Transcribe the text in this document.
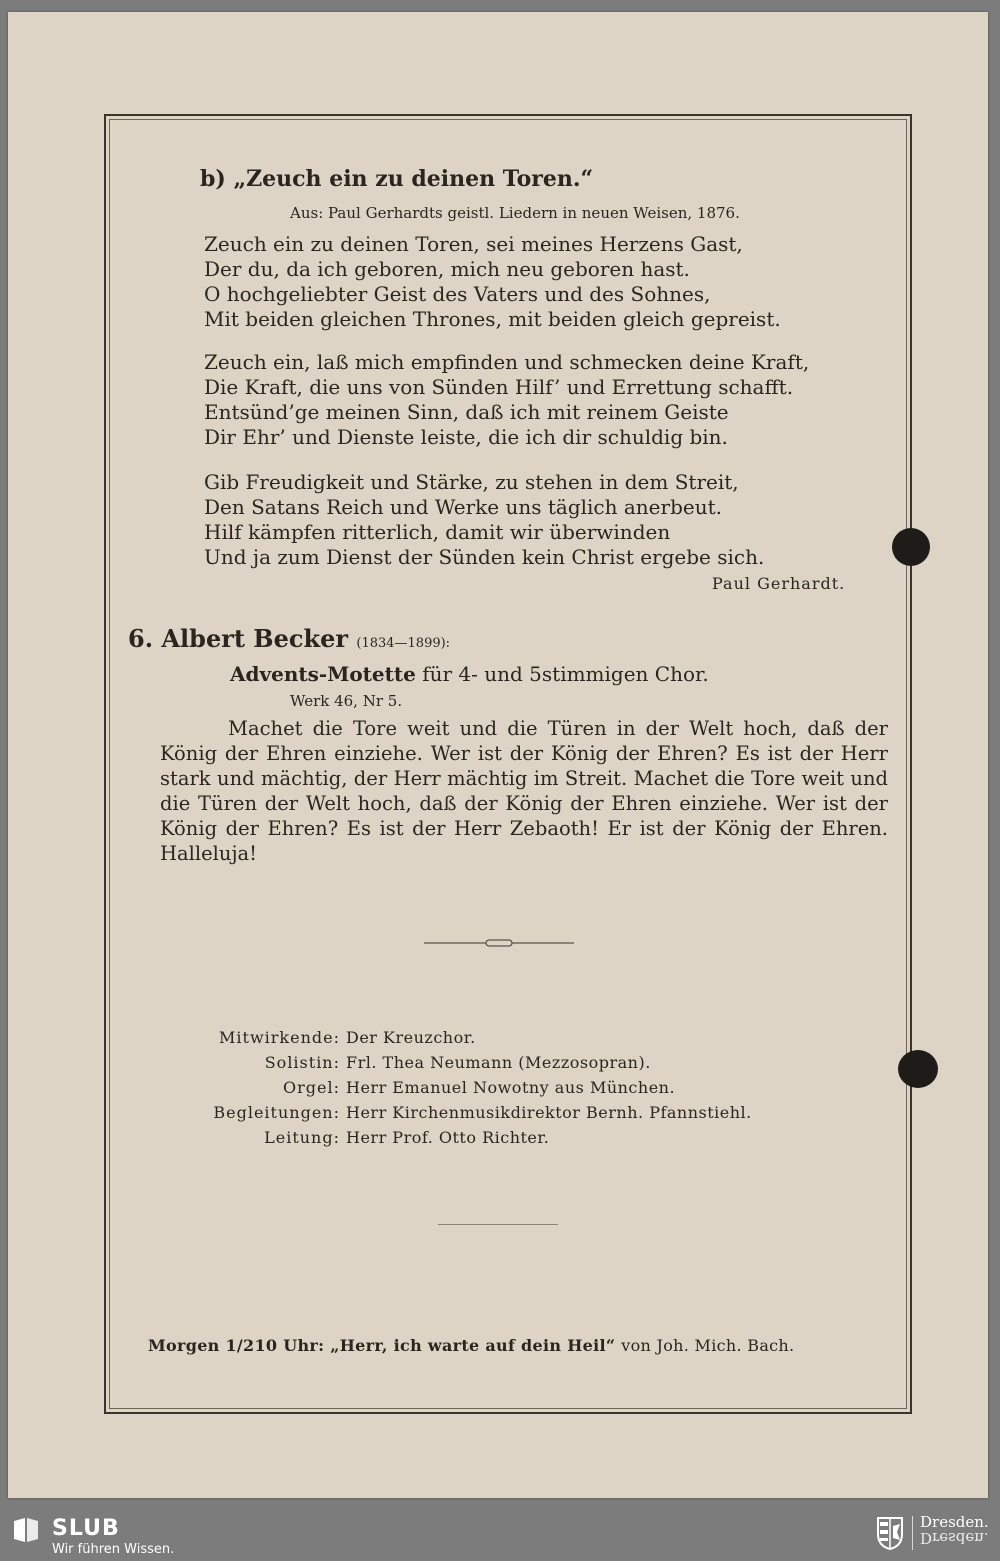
b) „Zeuch ein zu deinen Toren.“
Aus: Paul Gerhardts geistl. Liedern in neuen Weisen, 1876.
Zeuch ein zu deinen Toren, sei meines Herzens Gast,
Der du, da ich geboren, mich neu geboren hast.
O hochgeliebter Geist des Vaters und des Sohnes,
Mit beiden gleichen Thrones, mit beiden gleich gepreist.
Zeuch ein, laß mich empfinden und schmecken deine Kraft,
Die Kraft, die uns von Sünden Hilf’ und Errettung schafft.
Entsünd’ge meinen Sinn, daß ich mit reinem Geiste
Dir Ehr’ und Dienste leiste, die ich dir schuldig bin.
Gib Freudigkeit und Stärke, zu stehen in dem Streit,
Den Satans Reich und Werke uns täglich anerbeut.
Hilf kämpfen ritterlich, damit wir überwinden
Und ja zum Dienst der Sünden kein Christ ergebe sich.
Paul Gerhardt.
6. Albert Becker (1834—1899):
Advents-Motette für 4- und 5stimmigen Chor.
Werk 46, Nr 5.
Machet die Tore weit und die Türen in der Welt hoch, daß der König der Ehren einziehe. Wer ist der König der Ehren? Es ist der Herr stark und mächtig, der Herr mächtig im Streit. Machet die Tore weit und die Türen der Welt hoch, daß der König der Ehren einziehe. Wer ist der König der Ehren? Es ist der Herr Zebaoth! Er ist der König der Ehren. Halleluja!
Mitwirkende: Der Kreuzchor.
Solistin: Frl. Thea Neumann (Mezzosopran).
Orgel: Herr Emanuel Nowotny aus München.
Begleitungen: Herr Kirchenmusikdirektor Bernh. Pfannstiehl.
Leitung: Herr Prof. Otto Richter.
Morgen 1/210 Uhr: „Herr, ich warte auf dein Heil“ von Joh. Mich. Bach.
SLUB
Wir führen Wissen.
Dresden.
Dresden.
